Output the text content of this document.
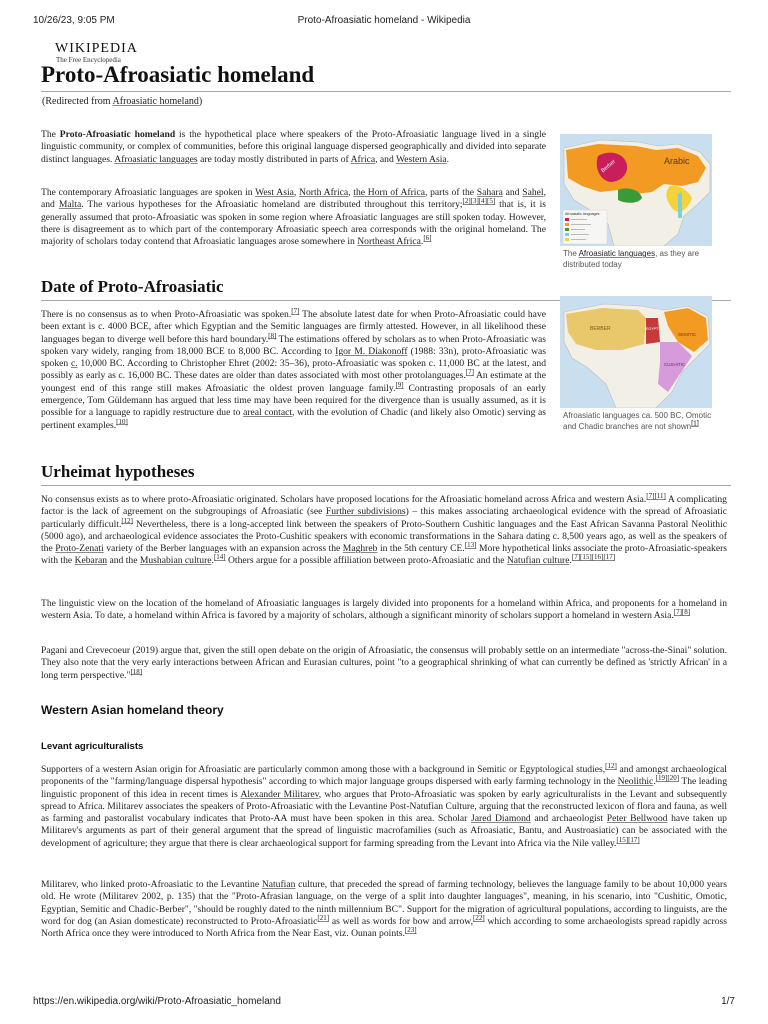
10/26/23, 9:05 PM	Proto-Afroasiatic homeland - Wikipedia
WIKIPEDIA
The Free Encyclopedia
Proto-Afroasiatic homeland
(Redirected from Afroasiatic homeland)

The Proto-Afroasiatic homeland is the hypothetical place where speakers of the Proto-Afroasiatic language lived in a single linguistic community, or complex of communities, before this original language dispersed geographically and divided into separate distinct languages. Afroasiatic languages are today mostly distributed in parts of Africa, and Western Asia.

The contemporary Afroasiatic languages are spoken in West Asia, North Africa, the Horn of Africa, parts of the Sahara and Sahel, and Malta. The various hypotheses for the Afroasiatic homeland are distributed throughout this territory;[2][3][4][5] that is, it is generally assumed that proto-Afroasiatic was spoken in some region where Afroasiatic languages are still spoken today. However, there is disagreement as to which part of the contemporary Afroasiatic speech area corresponds with the original homeland. The majority of scholars today contend that Afroasiatic languages arose somewhere in Northeast Africa.[6]

Arabic
Berber
Afroasiatic languages
The Afroasiatic languages, as they are distributed today
Date of Proto-Afroasiatic

There is no consensus as to when Proto-Afroasiatic was spoken.[7] The absolute latest date for when Proto-Afroasiatic could have been extant is c. 4000 BCE, after which Egyptian and the Semitic languages are firmly attested. However, in all likelihood these languages began to diverge well before this hard boundary.[8] The estimations offered by scholars as to when Proto-Afroasiatic was spoken vary widely, ranging from 18,000 BCE to 8,000 BC. According to Igor M. Diakonoff (1988: 33n), proto-Afroasiatic was spoken c. 10,000 BC. According to Christopher Ehret (2002: 35–36), proto-Afroasiatic was spoken c. 11,000 BC at the latest, and possibly as early as c. 16,000 BC. These dates are older than dates associated with most other protolanguages.[7] An estimate at the youngest end of this range still makes Afroasiatic the oldest proven language family.[9] Contrasting proposals of an early emergence, Tom Güldemann has argued that less time may have been required for the divergence than is usually assumed, as it is possible for a language to rapidly restructure due to areal contact, with the evolution of Chadic (and likely also Omotic) serving as pertinent examples.[10]

BERBER	EGYPT.
SEMITIC
CUSHITIC
Afroasiatic languages ca. 500 BC, Omotic and Chadic branches are not shown[1]
Urheimat hypotheses

No consensus exists as to where proto-Afroasiatic originated. Scholars have proposed locations for the Afroasiatic homeland across Africa and western Asia.[7][11] A complicating factor is the lack of agreement on the subgroupings of Afroasiatic (see Further subdivisions) – this makes associating archaeological evidence with the spread of Afroasiatic particularly difficult.[12] Nevertheless, there is a long-accepted link between the speakers of Proto-Southern Cushitic languages and the East African Savanna Pastoral Neolithic (5000 ago), and archaeological evidence associates the Proto-Cushitic speakers with economic transformations in the Sahara dating c. 8,500 years ago, as well as the speakers of the Proto-Zenati variety of the Berber languages with an expansion across the Maghreb in the 5th century CE.[13] More hypothetical links associate the proto-Afroasiatic-speakers with the Kebaran and the Mushabian culture.[14] Others argue for a possible affiliation between proto-Afroasiatic and the Natufian culture.[7][15][16][17]

The linguistic view on the location of the homeland of Afroasiatic languages is largely divided into proponents for a homeland within Africa, and proponents for a homeland in western Asia. To date, a homeland within Africa is favored by a majority of scholars, although a significant minority of scholars support a homeland in western Asia.[7][8]

Pagani and Crevecoeur (2019) argue that, given the still open debate on the origin of Afroasiatic, the consensus will probably settle on an intermediate "across-the-Sinai" solution. They also note that the very early interactions between African and Eurasian cultures, point "to a geographical shrinking of what can currently be defined as 'strictly African' in a long term perspective."[18]

Western Asian homeland theory
Levant agriculturalists

Supporters of a western Asian origin for Afroasiatic are particularly common among those with a background in Semitic or Egyptological studies,[12] and amongst archaeological proponents of the "farming/language dispersal hypothesis" according to which major language groups dispersed with early farming technology in the Neolithic.[19][20] The leading linguistic proponent of this idea in recent times is Alexander Militarev, who argues that Proto-Afroasiatic was spoken by early agriculturalists in the Levant and subsequently spread to Africa. Militarev associates the speakers of Proto-Afroasiatic with the Levantine Post-Natufian Culture, arguing that the reconstructed lexicon of flora and fauna, as well as farming and pastoralist vocabulary indicates that Proto-AA must have been spoken in this area. Scholar Jared Diamond and archaeologist Peter Bellwood have taken up Militarev's arguments as part of their general argument that the spread of linguistic macrofamilies (such as Afroasiatic, Bantu, and Austroasiatic) can be associated with the development of agriculture; they argue that there is clear archaeological support for farming spreading from the Levant into Africa via the Nile valley.[15][17]

Militarev, who linked proto-Afroasiatic to the Levantine Natufian culture, that preceded the spread of farming technology, believes the language family to be about 10,000 years old. He wrote (Militarev 2002, p. 135) that the "Proto-Afrasian language, on the verge of a split into daughter languages", meaning, in his scenario, into "Cushitic, Omotic, Egyptian, Semitic and Chadic-Berber", "should be roughly dated to the ninth millennium BC". Support for the migration of agricultural populations, according to linguists, are the word for dog (an Asian domesticate) reconstructed to Proto-Afroasiatic[21] as well as words for bow and arrow,[22] which according to some archaeologists spread rapidly across North Africa once they were introduced to North Africa from the Near East, viz. Ounan points.[23]

https://en.wikipedia.org/wiki/Proto-Afroasiatic_homeland	1/7
